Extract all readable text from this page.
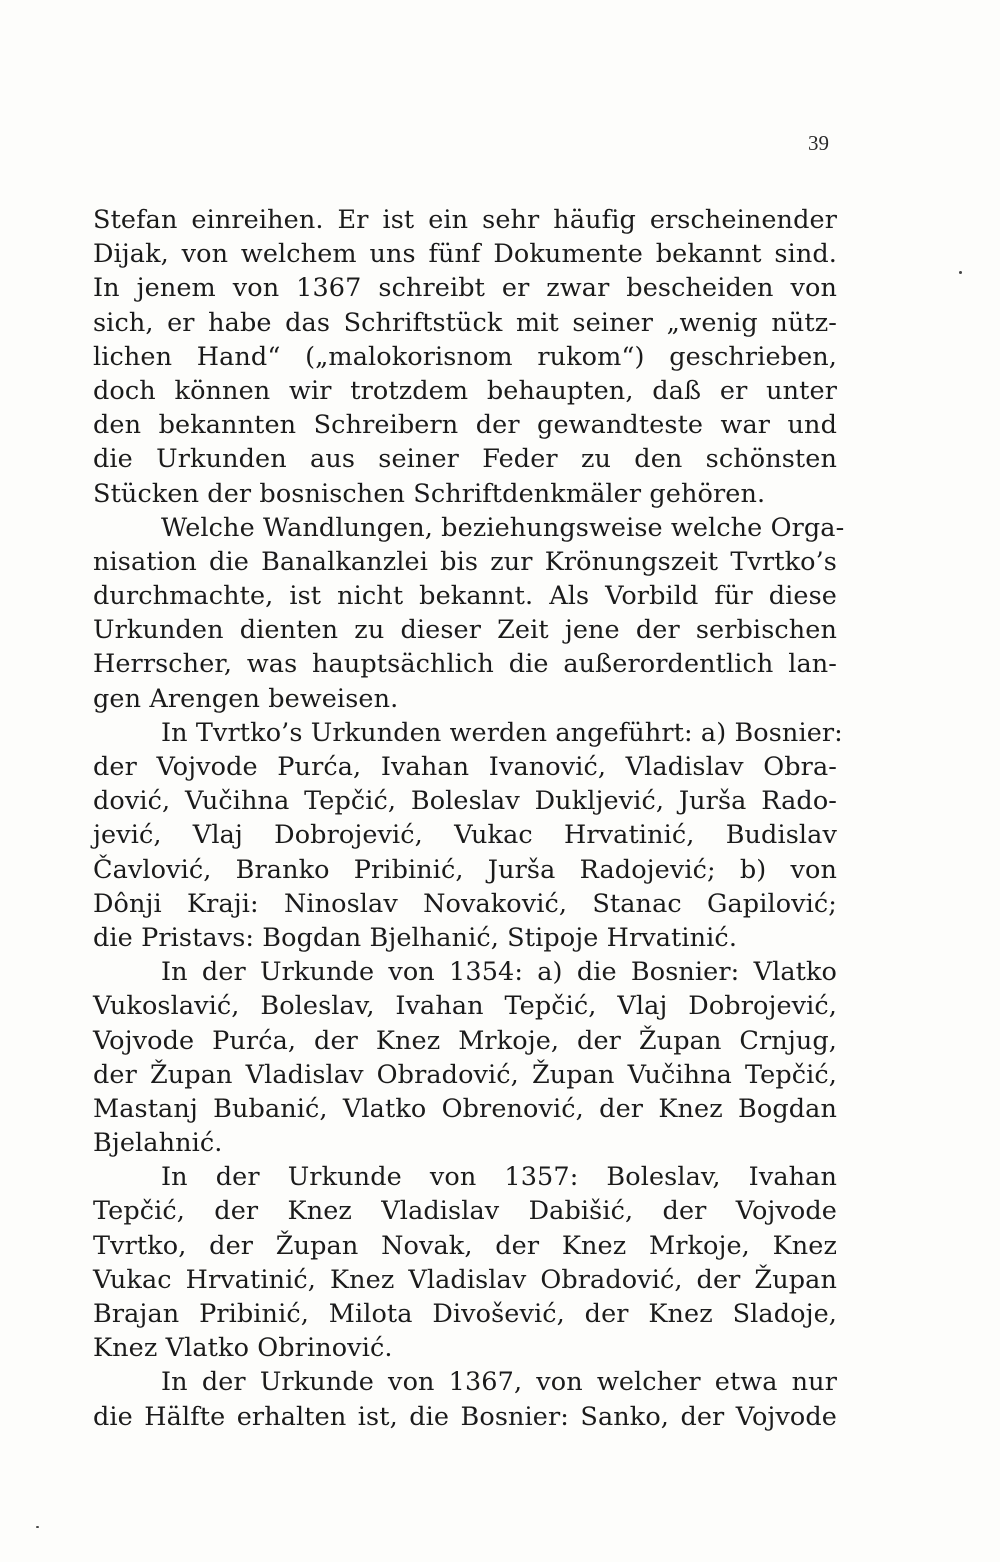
39
Stefan einreihen. Er ist ein sehr häufig erscheinender
Dijak, von welchem uns fünf Dokumente bekannt sind.
In jenem von 1367 schreibt er zwar bescheiden von
sich, er habe das Schriftstück mit seiner „wenig nütz-
lichen Hand“ („malokorisnom rukom“) geschrieben,
doch können wir trotzdem behaupten, daß er unter
den bekannten Schreibern der gewandteste war und
die Urkunden aus seiner Feder zu den schönsten
Stücken der bosnischen Schriftdenkmäler gehören.
Welche Wandlungen, beziehungsweise welche Orga-
nisation die Banalkanzlei bis zur Krönungszeit Tvrtko’s
durchmachte, ist nicht bekannt. Als Vorbild für diese
Urkunden dienten zu dieser Zeit jene der serbischen
Herrscher, was hauptsächlich die außerordentlich lan-
gen Arengen beweisen.
In Tvrtko’s Urkunden werden angeführt: a) Bosnier:
der Vojvode Purća, Ivahan Ivanović, Vladislav Obra-
dović, Vučihna Tepčić, Boleslav Dukljević, Jurša Rado-
jević, Vlaj Dobrojević, Vukac Hrvatinić, Budislav
Čavlović, Branko Pribinić, Jurša Radojević; b) von
Dônji Kraji: Ninoslav Novaković, Stanac Gapilović;
die Pristavs: Bogdan Bjelhanić, Stipoje Hrvatinić.
In der Urkunde von 1354: a) die Bosnier: Vlatko
Vukoslavić, Boleslav, Ivahan Tepčić, Vlaj Dobrojević,
Vojvode Purća, der Knez Mrkoje, der Župan Crnjug,
der Župan Vladislav Obradović, Župan Vučihna Tepčić,
Mastanj Bubanić, Vlatko Obrenović, der Knez Bogdan
Bjelahnić.
In der Urkunde von 1357: Boleslav, Ivahan
Tepčić, der Knez Vladislav Dabišić, der Vojvode
Tvrtko, der Župan Novak, der Knez Mrkoje, Knez
Vukac Hrvatinić, Knez Vladislav Obradović, der Župan
Brajan Pribinić, Milota Divošević, der Knez Sladoje,
Knez Vlatko Obrinović.
In der Urkunde von 1367, von welcher etwa nur
die Hälfte erhalten ist, die Bosnier: Sanko, der Vojvode
